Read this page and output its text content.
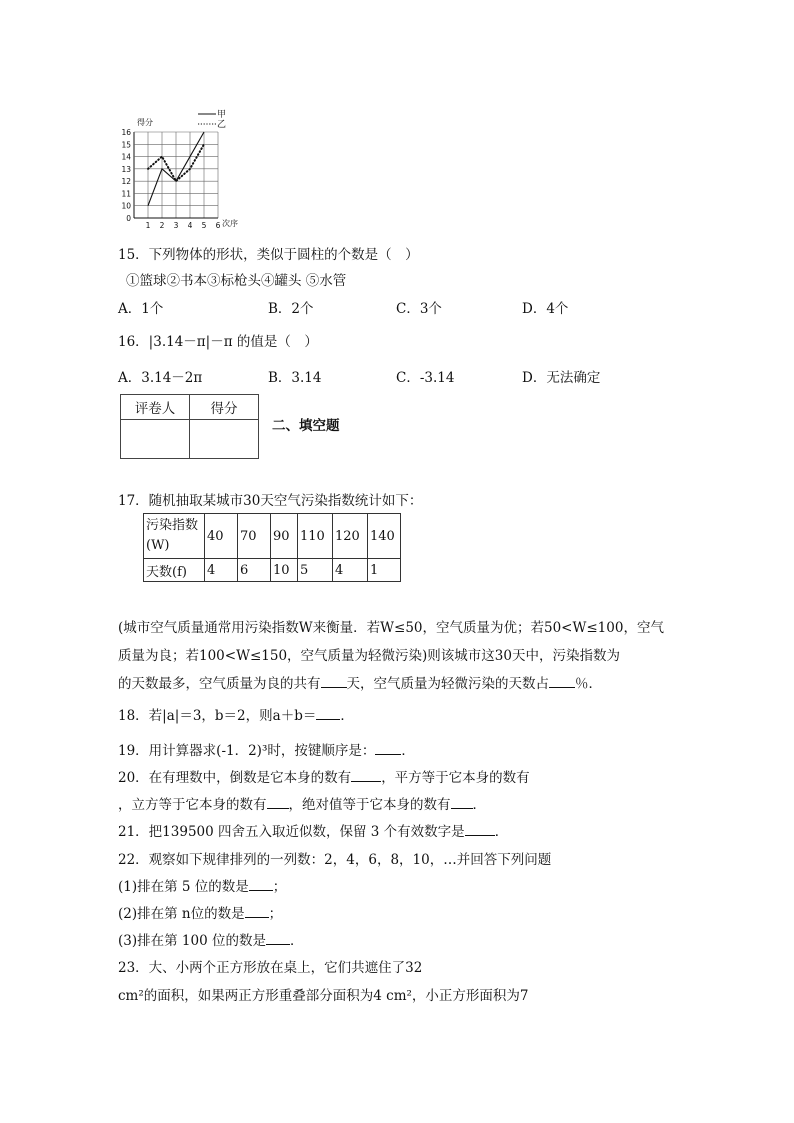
得分
甲
乙
16
15
14
13
12
11
10
0
1 2 3 4 5 6 次序
15．下列物体的形状，类似于圆柱的个数是（　）
①篮球②书本③标枪头④罐头 ⑤水管
A．1个	B．2个	C．3个	D．4个
16．|3.14－π|－π 的值是（　）
A．3.14－2π	B．3.14	C．-3.14	D．无法确定
评卷人	得分

二、填空题
17．随机抽取某城市30天空气污染指数统计如下：
污染指数(W)	40	70	90	110	120	140
天数(f)	4	6	10	5	4	1
(城市空气质量通常用污染指数W来衡量．若W≤50，空气质量为优；若50<W≤100，空气
质量为良；若100<W≤150，空气质量为轻微污染)则该城市这30天中，污染指数为
的天数最多，空气质量为良的共有 天，空气质量为轻微污染的天数占 ％．
18．若|a|＝3，b＝2，则a＋b＝ ．
19．用计算器求(-1．2)³时，按键顺序是： ．
20．在有理数中，倒数是它本身的数有 ，平方等于它本身的数有
，立方等于它本身的数有 ，绝对值等于它本身的数有 ．
21．把139500 四舍五入取近似数，保留 3 个有效数字是 ．
22．观察如下规律排列的一列数：2，4，6，8，10，…并回答下列问题
(1)排在第 5 位的数是 ；
(2)排在第 n位的数是 ；
(3)排在第 100 位的数是 ．
23．大、小两个正方形放在桌上，它们共遮住了32
cm²的面积，如果两正方形重叠部分面积为4 cm²，小正方形面积为7
